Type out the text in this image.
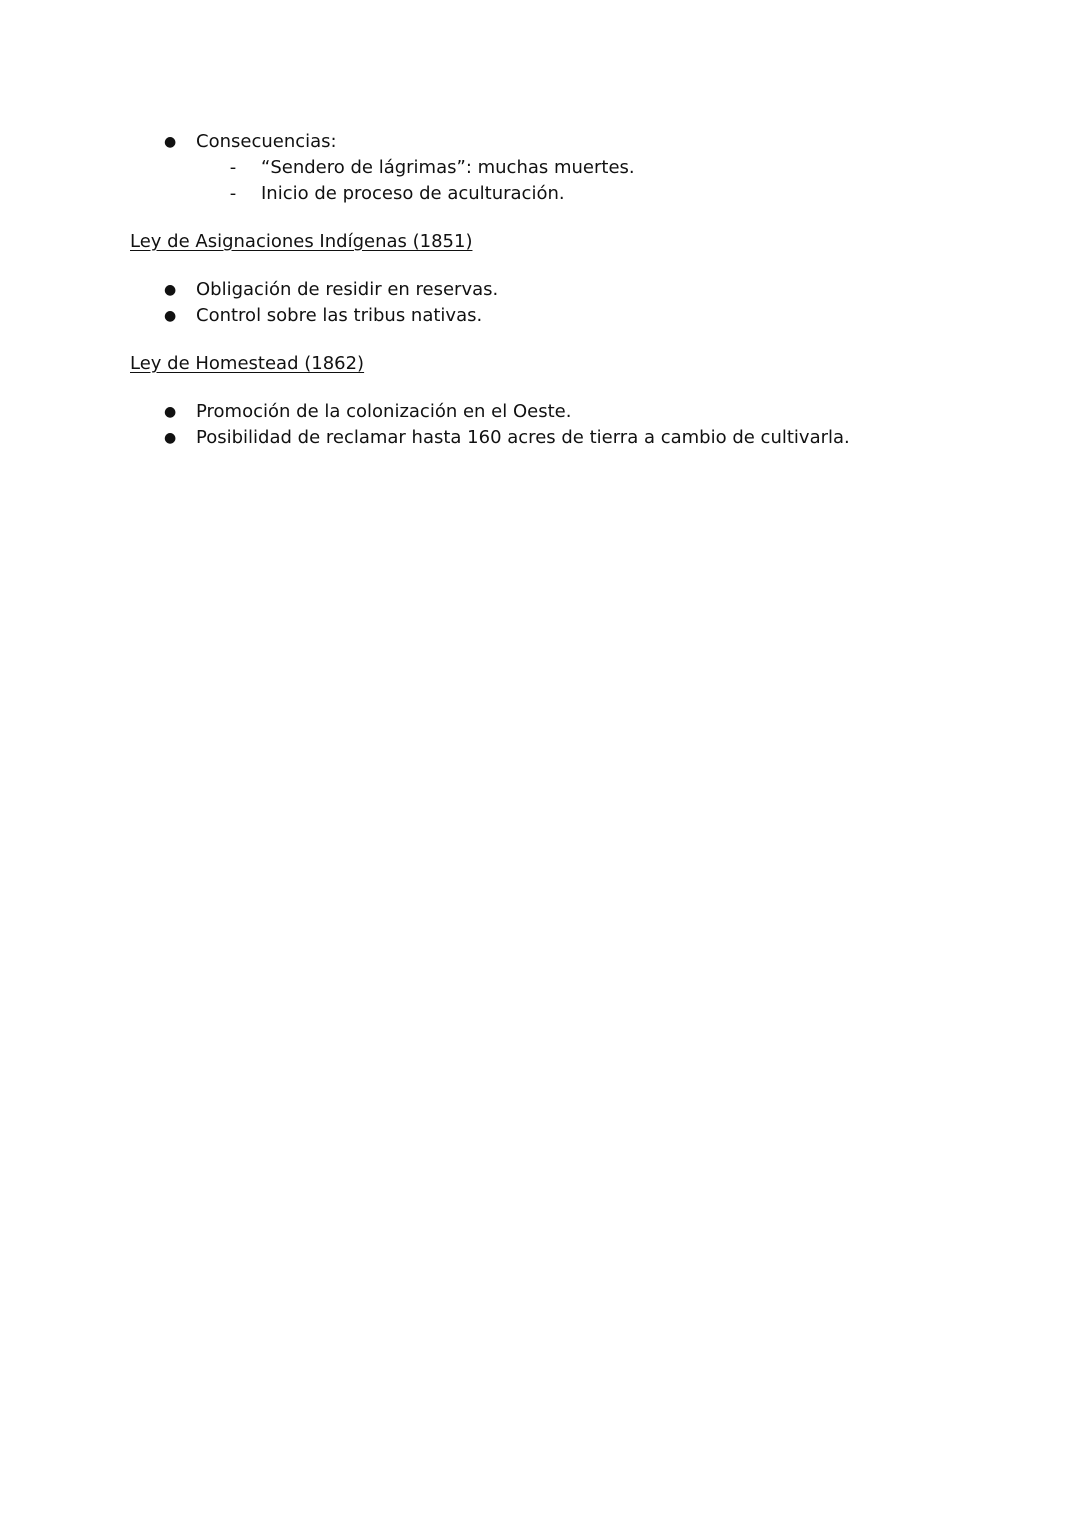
● Consecuencias:
- “Sendero de lágrimas”: muchas muertes.
- Inicio de proceso de aculturación.
Ley de Asignaciones Indígenas (1851)
● Obligación de residir en reservas.
● Control sobre las tribus nativas.
Ley de Homestead (1862)
● Promoción de la colonización en el Oeste.
● Posibilidad de reclamar hasta 160 acres de tierra a cambio de cultivarla.
